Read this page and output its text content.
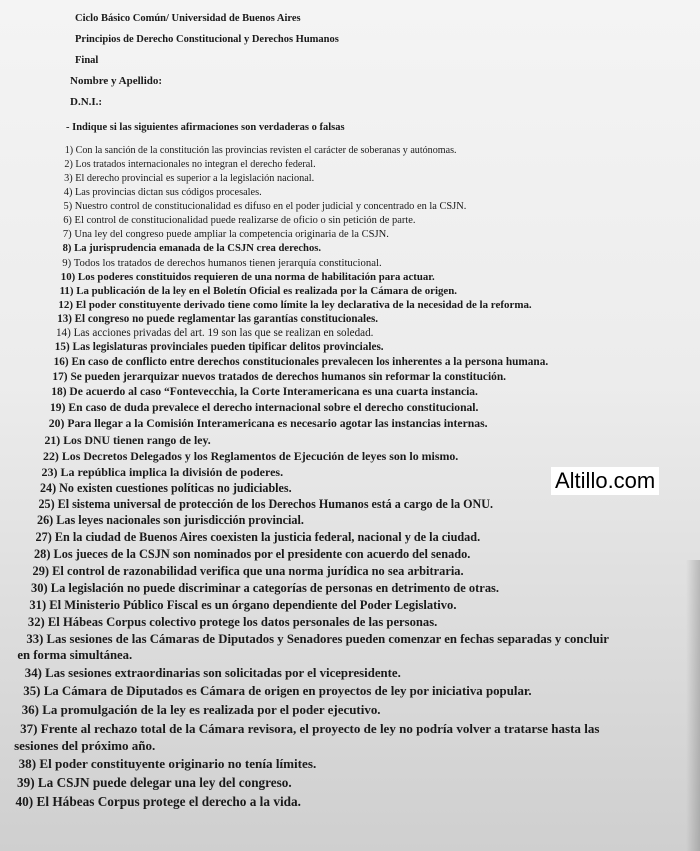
Ciclo Básico Común/ Universidad de Buenos Aires
Principios de Derecho Constitucional y Derechos Humanos
Final
Nombre y Apellido:
D.N.I.:
- Indique si las siguientes afirmaciones son verdaderas o falsas
1) Con la sanción de la constitución las provincias revisten el carácter de soberanas y autónomas.
2) Los tratados internacionales no integran el derecho federal.
3) El derecho provincial es superior a la legislación nacional.
4) Las provincias dictan sus códigos procesales.
5) Nuestro control de constitucionalidad es difuso en el poder judicial y concentrado en la CSJN.
6) El control de constitucionalidad puede realizarse de oficio o sin petición de parte.
7) Una ley del congreso puede ampliar la competencia originaria de la CSJN.
8) La jurisprudencia emanada de la CSJN crea derechos.
9) Todos los tratados de derechos humanos tienen jerarquía constitucional.
10) Los poderes constituidos requieren de una norma de habilitación para actuar.
11) La publicación de la ley en el Boletín Oficial es realizada por la Cámara de origen.
12) El poder constituyente derivado tiene como límite la ley declarativa de la necesidad de la reforma.
13) El congreso no puede reglamentar las garantías constitucionales.
14) Las acciones privadas del art. 19 son las que se realizan en soledad.
15) Las legislaturas provinciales pueden tipificar delitos provinciales.
16) En caso de conflicto entre derechos constitucionales prevalecen los inherentes a la persona humana.
17) Se pueden jerarquizar nuevos tratados de derechos humanos sin reformar la constitución.
18) De acuerdo al caso “Fontevecchia, la Corte Interamericana es una cuarta instancia.
19) En caso de duda prevalece el derecho internacional sobre el derecho constitucional.
20) Para llegar a la Comisión Interamericana es necesario agotar las instancias internas.
21) Los DNU tienen rango de ley.
22) Los Decretos Delegados y los Reglamentos de Ejecución de leyes son lo mismo.
23) La república implica la división de poderes.
24) No existen cuestiones políticas no judiciables.
25) El sistema universal de protección de los Derechos Humanos está a cargo de la ONU.
26) Las leyes nacionales son jurisdicción provincial.
27) En la ciudad de Buenos Aires coexisten la justicia federal, nacional y de la ciudad.
28) Los jueces de la CSJN son nominados por el presidente con acuerdo del senado.
29) El control de razonabilidad verifica que una norma jurídica no sea arbitraria.
30) La legislación no puede discriminar a categorías de personas en detrimento de otras.
31) El Ministerio Público Fiscal es un órgano dependiente del Poder Legislativo.
32) El Hábeas Corpus colectivo protege los datos personales de las personas.
33) Las sesiones de las Cámaras de Diputados y Senadores pueden comenzar en fechas separadas y concluir
en forma simultánea.
34) Las sesiones extraordinarias son solicitadas por el vicepresidente.
35) La Cámara de Diputados es Cámara de origen en proyectos de ley por iniciativa popular.
36) La promulgación de la ley es realizada por el poder ejecutivo.
37) Frente al rechazo total de la Cámara revisora, el proyecto de ley no podría volver a tratarse hasta las
sesiones del próximo año.
38) El poder constituyente originario no tenía límites.
39) La CSJN puede delegar una ley del congreso.
40) El Hábeas Corpus protege el derecho a la vida.
Altillo.com
